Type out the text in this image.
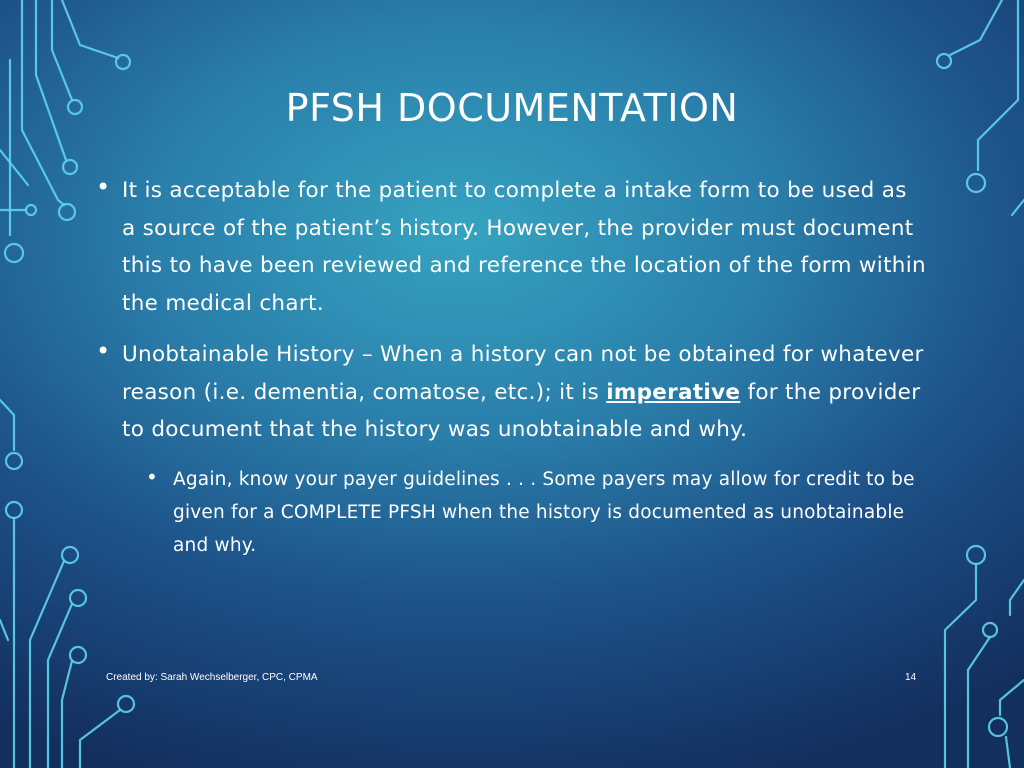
PFSH DOCUMENTATION
• It is acceptable for the patient to complete a intake form to be used as a source of the patient’s history. However, the provider must document this to have been reviewed and reference the location of the form within the medical chart.
• Unobtainable History – When a history can not be obtained for whatever reason (i.e. dementia, comatose, etc.); it is imperative for the provider to document that the history was unobtainable and why.
• Again, know your payer guidelines . . . Some payers may allow for credit to be given for a COMPLETE PFSH when the history is documented as unobtainable and why.
Created by: Sarah Wechselberger, CPC, CPMA	14
